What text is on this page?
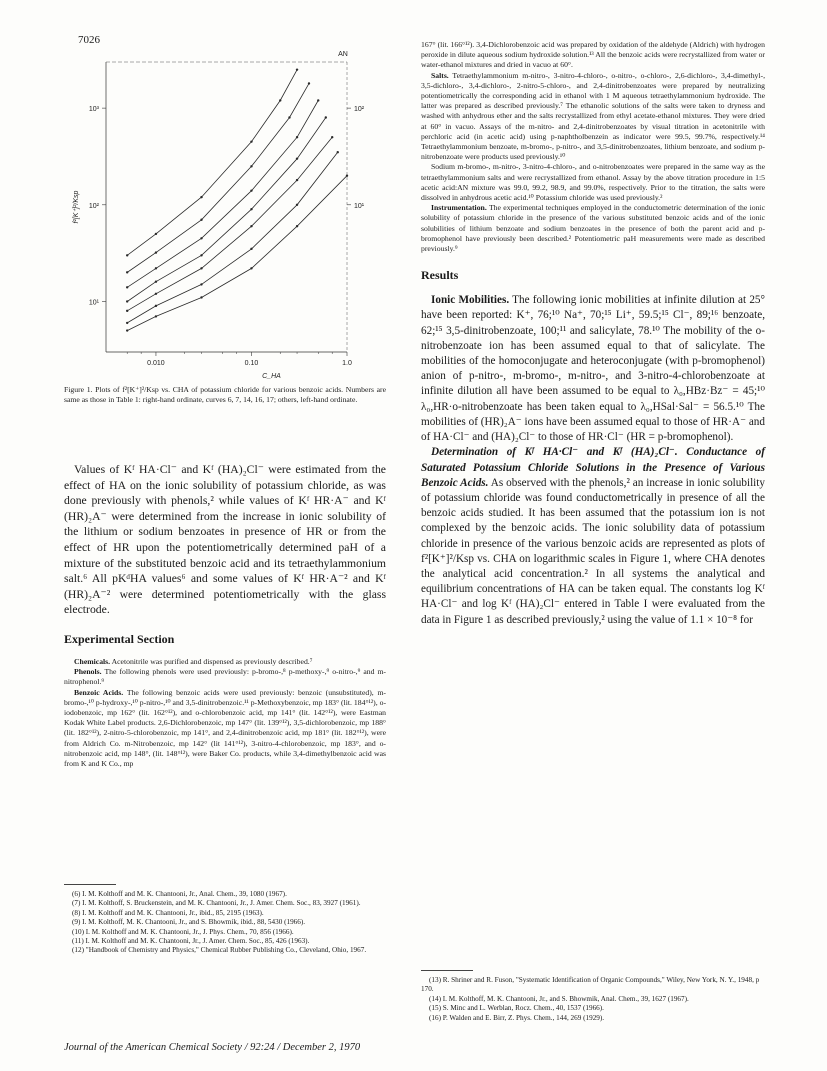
7026
AN
0.010	0.10	1.0
C_HA
10³
10²
10¹
10²
10¹
f²[K⁺]²/Ksp

Figure 1. Plots of f²[K⁺]²/Ksp vs. CHA of potassium chloride for various benzoic acids. Numbers are same as those in Table 1: right-hand ordinate, curves 6, 7, 14, 16, 17; others, left-hand ordinate.

Values of Kᶠ HA·Cl⁻ and Kᶠ (HA)₂Cl⁻ were estimated from the effect of HA on the ionic solubility of potassium chloride, as was done previously with phenols,² while values of Kᶠ HR·A⁻ and Kᶠ (HR)₂A⁻ were determined from the increase in ionic solubility of the lithium or sodium benzoates in presence of HR or from the effect of HR upon the potentiometrically determined paH of a mixture of the substituted benzoic acid and its tetraethylammonium salt.⁶ All pKᵈHA values⁶ and some values of Kᶠ HR·A⁻² and Kᶠ (HR)₂A⁻² were determined potentiometrically with the glass electrode.

Experimental Section

Chemicals. Acetonitrile was purified and dispensed as previously described.⁷

Phenols. The following phenols were used previously: p-bromo-,⁸ p-methoxy-,⁹ o-nitro-,⁹ and m-nitrophenol.⁹

Benzoic Acids. The following benzoic acids were used previously: benzoic (unsubstituted), m-bromo-,¹⁰ p-hydroxy-,¹⁰ p-nitro-,¹⁰ and 3,5-dinitrobenzoic.¹¹ p-Methoxybenzoic, mp 183° (lit. 184°¹²), o-iodobenzoic, mp 162° (lit. 162°¹²), and o-chlorobenzoic acid, mp 141° (lit. 142°¹²), were Eastman Kodak White Label products. 2,6-Dichlorobenzoic, mp 147° (lit. 139°¹²), 3,5-dichlorobenzoic, mp 188° (lit. 182°¹²), 2-nitro-5-chlorobenzoic, mp 141°, and 2,4-dinitrobenzoic acid, mp 181° (lit. 182°¹²), were from Aldrich Co. m-Nitrobenzoic, mp 142° (lit 141°¹²), 3-nitro-4-chlorobenzoic, mp 183°, and o-nitrobenzoic acid, mp 148°, (lit. 148°¹²), were Baker Co. products, while 3,4-dimethylbenzoic acid was from K and K Co., mp

(6) I. M. Kolthoff and M. K. Chantooni, Jr., Anal. Chem., 39, 1080 (1967).

(7) I. M. Kolthoff, S. Bruckenstein, and M. K. Chantooni, Jr., J. Amer. Chem. Soc., 83, 3927 (1961).

(8) I. M. Kolthoff and M. K. Chantooni, Jr., ibid., 85, 2195 (1963).

(9) I. M. Kolthoff, M. K. Chantooni, Jr., and S. Bhowmik, ibid., 88, 5430 (1966).

(10) I. M. Kolthoff and M. K. Chantooni, Jr., J. Phys. Chem., 70, 856 (1966).

(11) I. M. Kolthoff and M. K. Chantooni, Jr., J. Amer. Chem. Soc., 85, 426 (1963).

(12) "Handbook of Chemistry and Physics," Chemical Rubber Publishing Co., Cleveland, Ohio, 1967.

167° (lit. 166°¹²). 3,4-Dichlorobenzoic acid was prepared by oxidation of the aldehyde (Aldrich) with hydrogen peroxide in dilute aqueous sodium hydroxide solution.¹³ All the benzoic acids were recrystallized from water or water-ethanol mixtures and dried in vacuo at 60°.

Salts. Tetraethylammonium m-nitro-, 3-nitro-4-chloro-, o-nitro-, o-chloro-, 2,6-dichloro-, 3,4-dimethyl-, 3,5-dichloro-, 3,4-dichloro-, 2-nitro-5-chloro-, and 2,4-dinitrobenzoates were prepared by neutralizing potentiometrically the corresponding acid in ethanol with 1 M aqueous tetraethylammonium hydroxide. The latter was prepared as described previously.⁷ The ethanolic solutions of the salts were taken to dryness and washed with anhydrous ether and the salts recrystallized from ethyl acetate-ethanol mixtures. They were dried at 60° in vacuo. Assays of the m-nitro- and 2,4-dinitrobenzoates by visual titration in acetonitrile with perchloric acid (in acetic acid) using p-naphtholbenzein as indicator were 99.5, 99.7%, respectively.¹⁴ Tetraethylammonium benzoate, m-bromo-, p-nitro-, and 3,5-dinitrobenzoates, lithium benzoate, and sodium p-nitrobenzoate were products used previously.¹⁰

Sodium m-bromo-, m-nitro-, 3-nitro-4-chloro-, and o-nitrobenzoates were prepared in the same way as the tetraethylammonium salts and were recrystallized from ethanol. Assay by the above titration procedure in 1:5 acetic acid:AN mixture was 99.0, 99.2, 98.9, and 99.0%, respectively. Prior to the titration, the salts were dissolved in anhydrous acetic acid.¹⁰ Potassium chloride was used previously.²

Instrumentation. The experimental techniques employed in the conductometric determination of the ionic solubility of potassium chloride in the presence of the various substituted benzoic acids and of the ionic solubilities of lithium benzoate and sodium benzoates in the presence of both the parent acid and p-bromophenol have previously been described.² Potentiometric paH measurements were made as described previously.⁹

Results

Ionic Mobilities. The following ionic mobilities at infinite dilution at 25° have been reported: K⁺, 76;¹⁰ Na⁺, 70;¹⁵ Li⁺, 59.5;¹⁵ Cl⁻, 89;¹⁶ benzoate, 62;¹⁵ 3,5-dinitrobenzoate, 100;¹¹ and salicylate, 78.¹⁰ The mobility of the o-nitrobenzoate ion has been assumed equal to that of salicylate. The mobilities of the homoconjugate and heteroconjugate (with p-bromophenol) anion of p-nitro-, m-bromo-, m-nitro-, and 3-nitro-4-chlorobenzoate at infinite dilution all have been assumed to be equal to λ₀,HBz·Bz⁻ = 45;¹⁰ λ₀,HR·o-nitrobenzoate has been taken equal to λ₀,HSal·Sal⁻ = 56.5.¹⁰ The mobilities of (HR)₂A⁻ ions have been assumed equal to those of HR·A⁻ and of HA·Cl⁻ and (HA)₂Cl⁻ to those of HR·Cl⁻ (HR = p-bromophenol).

Determination of Kᶠ HA·Cl⁻ and Kᶠ (HA)₂Cl⁻. Conductance of Saturated Potassium Chloride Solutions in the Presence of Various Benzoic Acids. As observed with the phenols,² an increase in ionic solubility of potassium chloride was found conductometrically in presence of all the benzoic acids studied. It has been assumed that the potassium ion is not complexed by the benzoic acids. The ionic solubility data of potassium chloride in presence of the various benzoic acids are represented as plots of f²[K⁺]²/Ksp vs. CHA on logarithmic scales in Figure 1, where CHA denotes the analytical acid concentration.² In all systems the analytical and equilibrium concentrations of HA can be taken equal. The constants log Kᶠ HA·Cl⁻ and log Kᶠ (HA)₂Cl⁻ entered in Table I were evaluated from the data in Figure 1 as described previously,² using the value of 1.1 × 10⁻⁸ for

(13) R. Shriner and R. Fuson, "Systematic Identification of Organic Compounds," Wiley, New York, N. Y., 1948, p 170.

(14) I. M. Kolthoff, M. K. Chantooni, Jr., and S. Bhowmik, Anal. Chem., 39, 1627 (1967).

(15) S. Minc and L. Werblan, Rocz. Chem., 40, 1537 (1966).

(16) P. Walden and E. Birr, Z. Phys. Chem., 144, 269 (1929).

Journal of the American Chemical Society / 92:24 / December 2, 1970
